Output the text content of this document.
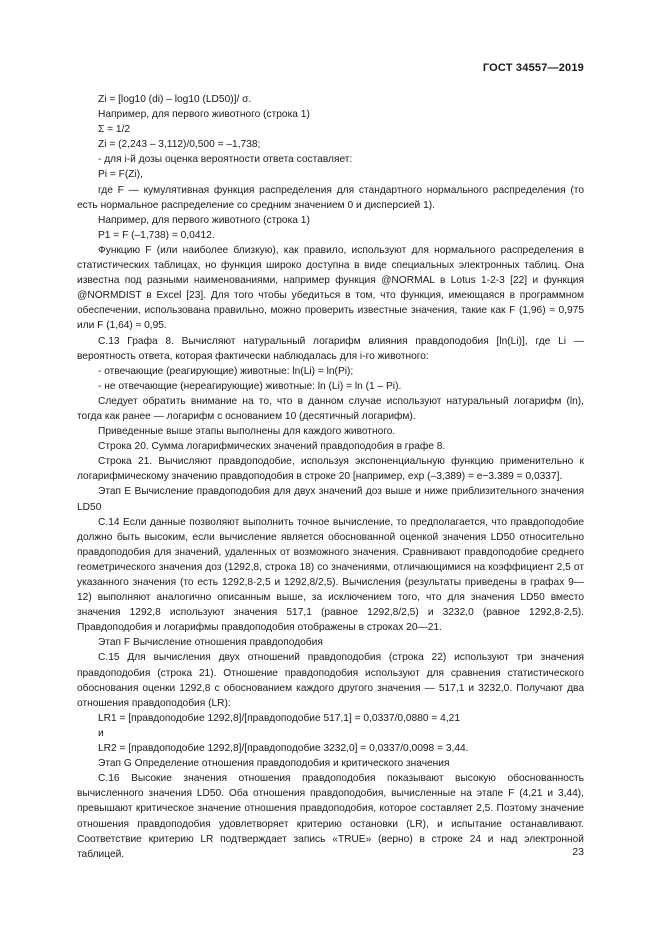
ГОСТ 34557—2019

Zi = [log10 (di) – log10 (LD50)]/ σ.

Например, для первого животного (строка 1)

Σ = 1/2

Zi = (2,243 – 3,112)/0,500 = –1,738;

- для i-й дозы оценка вероятности ответа составляет:

Pi = F(Zi),

где F — кумулятивная функция распределения для стандартного нормального распределения (то есть нормальное распределение со средним значением 0 и дисперсией 1).

Например, для первого животного (строка 1)

P1 = F (–1,738) = 0,0412.

Функцию F (или наиболее близкую), как правило, используют для нормального распределения в статистических таблицах, но функция широко доступна в виде специальных электронных таблиц. Она известна под разными наименованиями, например функция @NORMAL в Lotus 1-2-3 [22] и функция @NORMDIST в Excel [23]. Для того чтобы убедиться в том, что функция, имеющаяся в программном обеспечении, использована правильно, можно проверить известные значения, такие как F (1,96) ≈ 0,975 или F (1,64) ≈ 0,95.

С.13 Графа 8. Вычисляют натуральный логарифм влияния правдоподобия [ln(Li)], где Li — вероятность ответа, которая фактически наблюдалась для i-го животного:

- отвечающие (реагирующие) животные: ln(Li) = ln(Pi);

- не отвечающие (нереагирующие) животные: ln (Li) = ln (1 – Pi).

Следует обратить внимание на то, что в данном случае используют натуральный логарифм (ln), тогда как ранее — логарифм с основанием 10 (десятичный логарифм).

Приведенные выше этапы выполнены для каждого животного.

Строка 20. Сумма логарифмических значений правдоподобия в графе 8.

Строка 21. Вычисляют правдоподобие, используя экспоненциальную функцию применительно к логарифмическому значению правдоподобия в строке 20 [например, exp (–3,389) = e−3.389 = 0,0337].

Этап E Вычисление правдоподобия для двух значений доз выше и ниже приблизительного значения LD50

С.14 Если данные позволяют выполнить точное вычисление, то предполагается, что правдоподобие должно быть высоким, если вычисление является обоснованной оценкой значения LD50 относительно правдоподобия для значений, удаленных от возможного значения. Сравнивают правдоподобие среднего геометрического значения доз (1292,8, строка 18) со значениями, отличающимися на коэффициент 2,5 от указанного значения (то есть 1292,8·2,5 и 1292,8/2,5). Вычисления (результаты приведены в графах 9—12) выполняют аналогично описанным выше, за исключением того, что для значения LD50 вместо значения 1292,8 используют значения 517,1 (равное 1292,8/2,5) и 3232,0 (равное 1292,8·2,5). Правдоподобия и логарифмы правдоподобия отображены в строках 20—21.

Этап F Вычисление отношения правдоподобия

С.15 Для вычисления двух отношений правдоподобия (строка 22) используют три значения правдоподобия (строка 21). Отношение правдоподобия используют для сравнения статистического обоснования оценки 1292,8 с обоснованием каждого другого значения — 517,1 и 3232,0. Получают два отношения правдоподобия (LR):

LR1 = [правдоподобие 1292,8]/[правдоподобие 517,1] = 0,0337/0,0880 = 4,21

и

LR2 = [правдоподобие 1292,8]/[правдоподобие 3232,0] = 0,0337/0,0098 = 3,44.

Этап G Определение отношения правдоподобия и критического значения

С.16 Высокие значения отношения правдоподобия показывают высокую обоснованность вычисленного значения LD50. Оба отношения правдоподобия, вычисленные на этапе F (4,21 и 3,44), превышают критическое значение отношения правдоподобия, которое составляет 2,5. Поэтому значение отношения правдоподобия удовлетворяет критерию остановки (LR), и испытание останавливают. Соответствие критерию LR подтверждает запись «TRUE» (верно) в строке 24 и над электронной таблицей.	23
